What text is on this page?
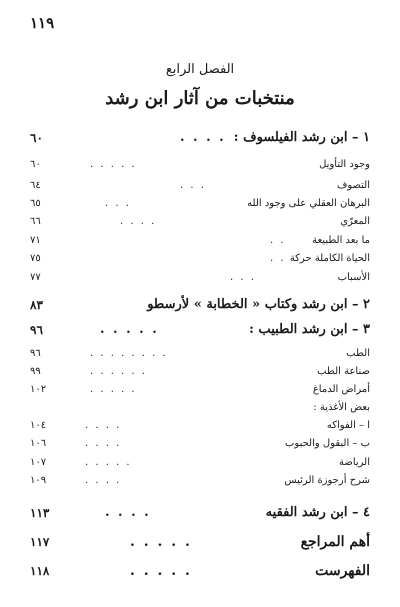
١١٩
الفصل الرابع
منتخبات من آثار ابن رشد
٦٠	. . . . ١ – ابن رشد الفيلسوف :
٦٠	. . . . .	وجود التأويل
٦٤	. . .	التصوف
٦٥	. . .	البرهان العقلي على وجود الله
٦٦	. . . .	المعرّي
٧١	. .	ما بعد الطبيعة
٧٥	. . الحياة الكاملة حركة
٧٧	. . .	الأسباب
٨٣	٢ – ابن رشد وكتاب « الخطابة » لأرسطو
٩٦	. . . . .	٣ – ابن رشد الطبيب :
٩٦	. . . . . . . .	الطب
٩٩	. . . . . .	صناعة الطب
١٠٢	. . . . .	أمراض الدماغ
بعض الأغذية :
١٠٤	. . . .	ا – الفواكه
١٠٦	. . . .	ب – البقول والحبوب
١٠٧	. . . . .	الرياضة
١٠٩	. . . .	شرح أرجوزة الرئيس
١١٣	. . . .	٤ – ابن رشد الفقيه
١١٧	. . . . .	أهم المراجع
١١٨	. . . . .	الفهرست
